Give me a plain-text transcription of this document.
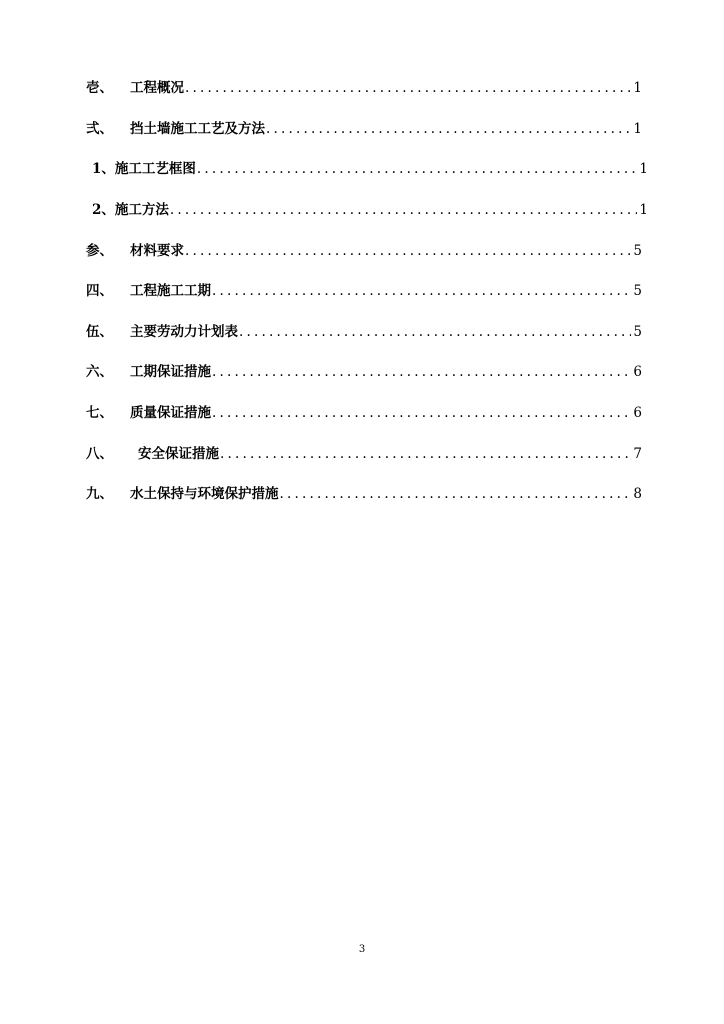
壱、	工程概况 .....	1
弍、	挡土墙施工工艺及方法 .....	1
1、 施工工艺框图 .....	1
2、 施工方法 .....	1
参、	材料要求 .....	5
四、	工程施工工期 .....	5
伍、	主要劳动力计划表 .....	5
六、	工期保证措施 .....	6
七、	质量保证措施 .....	6
八、	安全保证措施 .....	7
九、	水土保持与环境保护措施 .....	8
3
